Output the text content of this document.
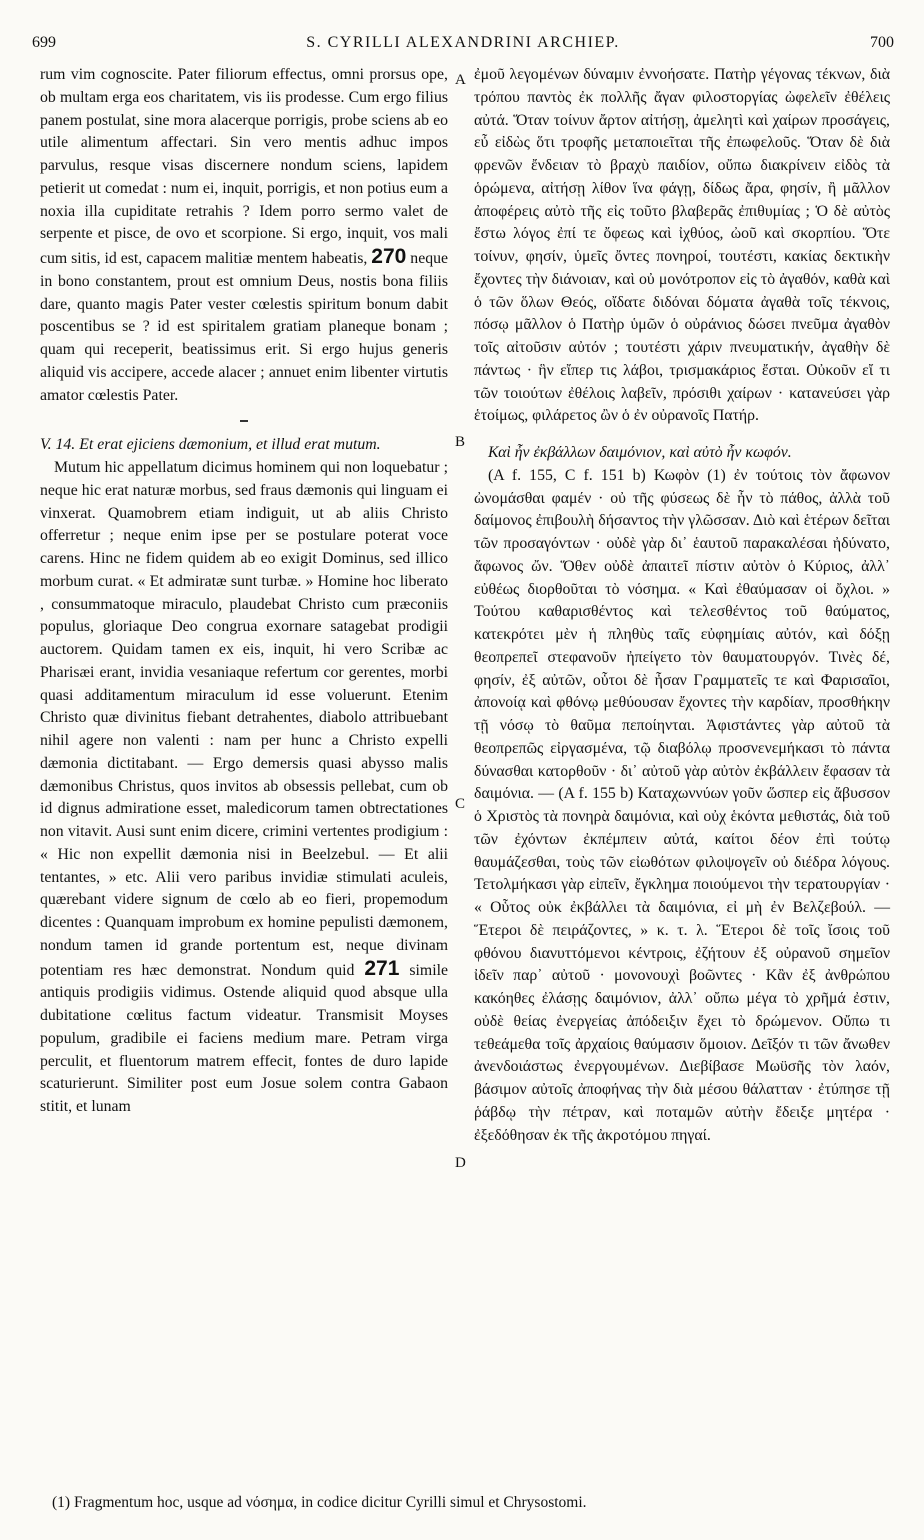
699	S. CYRILLI ALEXANDRINI ARCHIEP.	700

rum vim cognoscite. Pater filiorum effectus, omni prorsus ope, ob multam erga eos charitatem, vis iis prodesse. Cum ergo filius panem postulat, sine mora alacerque porrigis, probe sciens ab eo utile alimentum affectari. Sin vero mentis adhuc impos parvulus, resque visas discernere nondum sciens, lapidem petierit ut comedat : num ei, inquit, porrigis, et non potius eum a noxia illa cupiditate retrahis ? Idem porro sermo valet de serpente et pisce, de ovo et scorpione. Si ergo, inquit, vos mali cum sitis, id est, capacem malitiæ mentem habeatis, 270 neque in bono constantem, prout est omnium Deus, nostis bona filiis dare, quanto magis Pater vester cœlestis spiritum bonum dabit poscentibus se ? id est spiritalem gratiam planeque bonam ; quam qui receperit, beatissimus erit. Si ergo hujus generis aliquid vis accipere, accede alacer ; annuet enim libenter virtutis amator cœlestis Pater.

V. 14. Et erat ejiciens dæmonium, et illud erat mutum.

Mutum hic appellatum dicimus hominem qui non loquebatur ; neque hic erat naturæ morbus, sed fraus dæmonis qui linguam ei vinxerat. Quamobrem etiam indiguit, ut ab aliis Christo offerretur ; neque enim ipse per se postulare poterat voce carens. Hinc ne fidem quidem ab eo exigit Dominus, sed illico morbum curat. « Et admiratæ sunt turbæ. » Homine hoc liberato , consummatoque miraculo, plaudebat Christo cum præconiis populus, gloriaque Deo congrua exornare satagebat prodigii auctorem. Quidam tamen ex eis, inquit, hi vero Scribæ ac Pharisæi erant, invidia vesaniaque refertum cor gerentes, morbi quasi additamentum miraculum id esse voluerunt. Etenim Christo quæ divinitus fiebant detrahentes, diabolo attribuebant nihil agere non valenti : nam per hunc a Christo expelli dæmonia dictitabant. — Ergo demersis quasi abysso malis dæmonibus Christus, quos invitos ab obsessis pellebat, cum ob id dignus admiratione esset, maledicorum tamen obtrectationes non vitavit. Ausi sunt enim dicere, crimini vertentes prodigium : « Hic non expellit dæmonia nisi in Beelzebul. — Et alii tentantes, » etc. Alii vero paribus invidiæ stimulati aculeis, quærebant videre signum de cœlo ab eo fieri, propemodum dicentes : Quanquam improbum ex homine pepulisti dæmonem, nondum tamen id grande portentum est, neque divinam potentiam res hæc demonstrat. Nondum quid 271 simile antiquis prodigiis vidimus. Ostende aliquid quod absque ulla dubitatione cœlitus factum videatur. Transmisit Moyses populum, gradibile ei faciens medium mare. Petram virga perculit, et fluentorum matrem effecit, fontes de duro lapide scaturierunt. Similiter post eum Josue solem contra Gabaon stitit, et lunam

A
B
C
D

ἐμοῦ λεγομένων δύναμιν ἐννοήσατε. Πατὴρ γέγονας τέκνων, διὰ τρόπου παντὸς ἐκ πολλῆς ἄγαν φιλοστοργίας ὠφελεῖν ἐθέλεις αὐτά. Ὅταν τοίνυν ἄρτον αἰτήσῃ, ἀμελητὶ καὶ χαίρων προσάγεις, εὖ εἰδὼς ὅτι τροφῆς μεταποιεῖται τῆς ἐπωφελοῦς. Ὅταν δὲ διὰ φρενῶν ἔνδειαν τὸ βραχὺ παιδίον, οὔπω διακρίνειν εἰδὸς τὰ ὁρώμενα, αἰτήσῃ λίθον ἵνα φάγῃ, δίδως ἄρα, φησίν, ἢ μᾶλλον ἀποφέρεις αὐτὸ τῆς εἰς τοῦτο βλαβερᾶς ἐπιθυμίας ; Ὁ δὲ αὐτὸς ἔστω λόγος ἐπί τε ὄφεως καὶ ἰχθύος, ὠοῦ καὶ σκορπίου. Ὅτε τοίνυν, φησίν, ὑμεῖς ὄντες πονηροί, τουτέστι, κακίας δεκτικὴν ἔχοντες τὴν διάνοιαν, καὶ οὐ μονότροπον εἰς τὸ ἀγαθόν, καθὰ καὶ ὁ τῶν ὅλων Θεός, οἴδατε διδόναι δόματα ἀγαθὰ τοῖς τέκνοις, πόσῳ μᾶλλον ὁ Πατὴρ ὑμῶν ὁ οὐράνιος δώσει πνεῦμα ἀγαθὸν τοῖς αἰτοῦσιν αὐτόν ; τουτέστι χάριν πνευματικήν, ἀγαθὴν δὲ πάντως · ἣν εἴπερ τις λάβοι, τρισμακάριος ἔσται. Οὐκοῦν εἴ τι τῶν τοιούτων ἐθέλοις λαβεῖν, πρόσιθι χαίρων · κατανεύσει γὰρ ἑτοίμως, φιλάρετος ὢν ὁ ἐν οὐρανοῖς Πατήρ.

Καὶ ἦν ἐκβάλλων δαιμόνιον, καὶ αὐτὸ ἦν κωφόν.

(A f. 155, C f. 151 b) Κωφὸν (1) ἐν τούτοις τὸν ἄφωνον ὠνομάσθαι φαμέν · οὐ τῆς φύσεως δὲ ἦν τὸ πάθος, ἀλλὰ τοῦ δαίμονος ἐπιβουλὴ δήσαντος τὴν γλῶσσαν. Διὸ καὶ ἑτέρων δεῖται τῶν προσαγόντων · οὐδὲ γὰρ δι᾽ ἑαυτοῦ παρακαλέσαι ἠδύνατο, ἄφωνος ὤν. Ὅθεν οὐδὲ ἀπαιτεῖ πίστιν αὐτὸν ὁ Κύριος, ἀλλ᾽ εὐθέως διορθοῦται τὸ νόσημα. « Καὶ ἐθαύμασαν οἱ ὄχλοι. » Τούτου καθαρισθέντος καὶ τελεσθέντος τοῦ θαύματος, κατεκρότει μὲν ἡ πληθὺς ταῖς εὐφημίαις αὐτόν, καὶ δόξῃ θεοπρεπεῖ στεφανοῦν ἠπείγετο τὸν θαυματουργόν. Τινὲς δέ, φησίν, ἐξ αὐτῶν, οὗτοι δὲ ἦσαν Γραμματεῖς τε καὶ Φαρισαῖοι, ἀπονοίᾳ καὶ φθόνῳ μεθύουσαν ἔχοντες τὴν καρδίαν, προσθήκην τῇ νόσῳ τὸ θαῦμα πεποίηνται. Ἀφιστάντες γὰρ αὐτοῦ τὰ θεοπρεπῶς εἰργασμένα, τῷ διαβόλῳ προσνενεμήκασι τὸ πάντα δύνασθαι κατορθοῦν · δι᾽ αὐτοῦ γὰρ αὐτὸν ἐκβάλλειν ἔφασαν τὰ δαιμόνια. — (A f. 155 b) Καταχωννύων γοῦν ὥσπερ εἰς ἄβυσσον ὁ Χριστὸς τὰ πονηρὰ δαιμόνια, καὶ οὐχ ἑκόντα μεθιστάς, διὰ τοῦ τῶν ἐχόντων ἐκπέμπειν αὐτά, καίτοι δέον ἐπὶ τούτῳ θαυμάζεσθαι, τοὺς τῶν εἰωθότων φιλοψογεῖν οὐ διέδρα λόγους. Τετολμήκασι γὰρ εἰπεῖν, ἔγκλημα ποιούμενοι τὴν τερατουργίαν · « Οὗτος οὐκ ἐκβάλλει τὰ δαιμόνια, εἰ μὴ ἐν Βελζεβούλ. — Ἕτεροι δὲ πειράζοντες, » κ. τ. λ. Ἕτεροι δὲ τοῖς ἴσοις τοῦ φθόνου διανυττόμενοι κέντροις, ἐζήτουν ἐξ οὐρανοῦ σημεῖον ἰδεῖν παρ᾽ αὐτοῦ · μονονουχὶ βοῶντες · Κἂν ἐξ ἀνθρώπου κακόηθες ἐλάσῃς δαιμόνιον, ἀλλ᾽ οὔπω μέγα τὸ χρῆμά ἐστιν, οὐδὲ θείας ἐνεργείας ἀπόδειξιν ἔχει τὸ δρώμενον. Οὔπω τι τεθεάμεθα τοῖς ἀρχαίοις θαύμασιν ὅμοιον. Δεῖξόν τι τῶν ἄνωθεν ἀνενδοιάστως ἐνεργουμένων. Διεβίβασε Μωϋσῆς τὸν λαόν, βάσιμον αὐτοῖς ἀποφήνας τὴν διὰ μέσου θάλατταν · ἐτύπησε τῇ ῥάβδῳ τὴν πέτραν, καὶ ποταμῶν αὐτὴν ἔδειξε μητέρα · ἐξεδόθησαν ἐκ τῆς ἀκροτόμου πηγαί.

(1) Fragmentum hoc, usque ad νόσημα, in codice dicitur Cyrilli simul et Chrysostomi.
